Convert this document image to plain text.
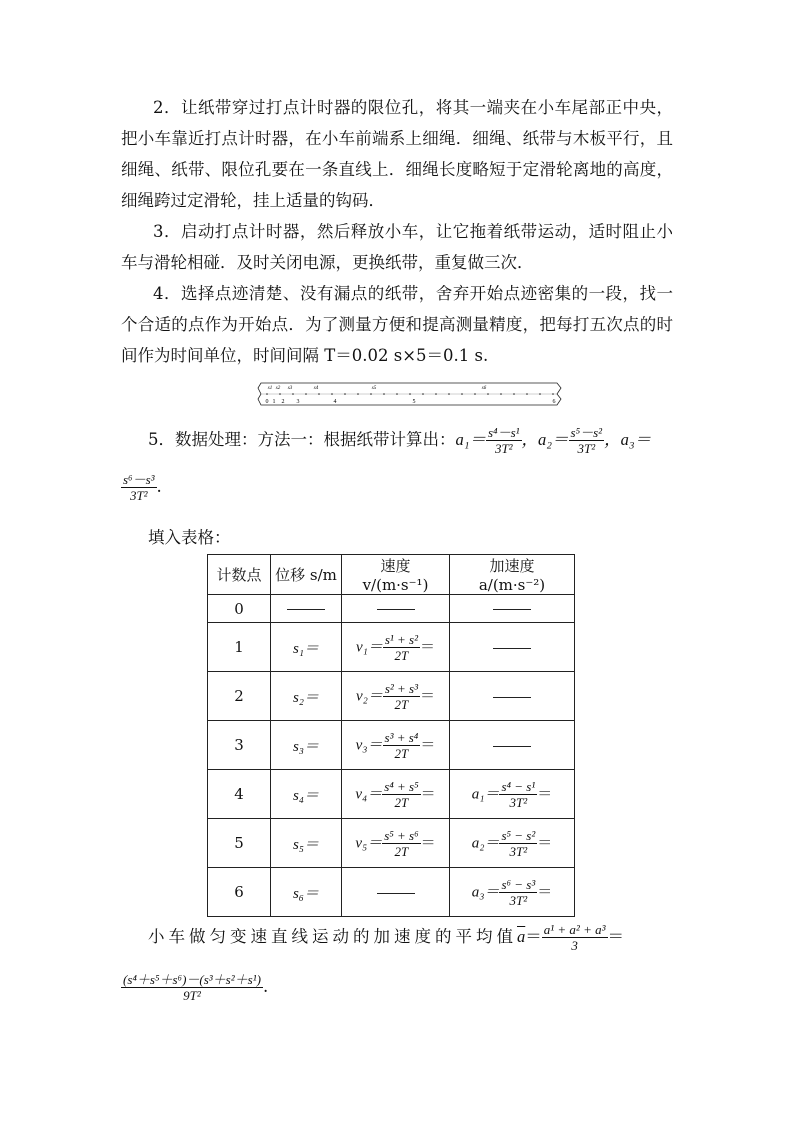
2．让纸带穿过打点计时器的限位孔，将其一端夹在小车尾部正中央，把小车靠近打点计时器，在小车前端系上细绳．细绳、纸带与木板平行，且细绳、纸带、限位孔要在一条直线上．细绳长度略短于定滑轮离地的高度，细绳跨过定滑轮，挂上适量的钩码．

3．启动打点计时器，然后释放小车，让它拖着纸带运动，适时阻止小车与滑轮相碰．及时关闭电源，更换纸带，重复做三次．

4．选择点迹清楚、没有漏点的纸带，舍弃开始点迹密集的一段，找一个合适的点作为开始点．为了测量方便和提高测量精度，把每打五次点的时间作为时间单位，时间间隔 T＝0.02 s×5＝0.1 s.

0 1 2 3	4	5	6
s1 s2 s3	s4	s5	s6
5．数据处理：方法一：根据纸带计算出：$a_1= \frac{\text{s⁴－s¹}}{\text{3T²}}$ ，$a_2= \frac{\text{s⁵－s²}}{\text{3T²}}$ ，a₃＝
$\frac{\text{s⁶－s³}}{\text{3T²}}$ .
填入表格：
计数点	位移 s/m	速度 v/(m·s⁻¹)	加速度 a/(m·s⁻²)
0			
1	s₁＝	$v_1= \frac{\text{s¹ + s²}}{2T}$ ＝	
2	s₂＝	$v_2= \frac{\text{s² + s³}}{2T}$ ＝	
3	s₃＝	$v_3= \frac{\text{s³ + s⁴}}{2T}$ ＝	
4	s₄＝	$v_4= \frac{\text{s⁴ + s⁵}}{2T}$ ＝	$a_1= \frac{\text{s⁴ − s¹}}{\text{3T²}}$ ＝
5	s₅＝	$v_5= \frac{\text{s⁵ + s⁶}}{2T}$ ＝	$a_2= \frac{\text{s⁵ − s²}}{\text{3T²}}$ ＝
6	s₆＝		$a_3= \frac{\text{s⁶ − s³}}{\text{3T²}}$ ＝
小车做匀变速直线运动的加速度的平均值$\overline{a}= \frac{\text{a¹ + a² + a³}}{3}$ ＝
$\frac{\text{(s⁴＋s⁵＋s⁶)－(s³＋s²＋s¹)}}{\text{9T²}}$ .
